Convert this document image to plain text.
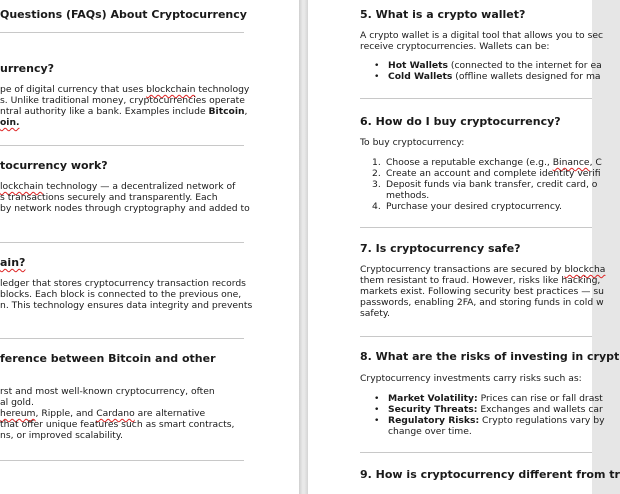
Questions (FAQs) About Cryptocurrency
urrency?
pe of digital currency that uses blockchain technology
s. Unlike traditional money, cryptocurrencies operate
ntral authority like a bank. Examples include Bitcoin,
oin.
tocurrency work?
lockchain technology — a decentralized network of
s transactions securely and transparently. Each
by network nodes through cryptography and added to
ain?
ledger that stores cryptocurrency transaction records
blocks. Each block is connected to the previous one,
n. This technology ensures data integrity and prevents
ference between Bitcoin and other
rst and most well-known cryptocurrency, often
al gold.
hereum, Ripple, and Cardano are alternative
that offer unique features such as smart contracts,
ns, or improved scalability.
5. What is a crypto wallet?
A crypto wallet is a digital tool that allows you to sec
receive cryptocurrencies. Wallets can be:
• Hot Wallets (connected to the internet for ea
• Cold Wallets (offline wallets designed for ma
6. How do I buy cryptocurrency?
To buy cryptocurrency:
1. Choose a reputable exchange (e.g., Binance, C
2. Create an account and complete identity verifi
3. Deposit funds via bank transfer, credit card, o
methods.
4. Purchase your desired cryptocurrency.
7. Is cryptocurrency safe?
Cryptocurrency transactions are secured by blockcha
them resistant to fraud. However, risks like hacking,
markets exist. Following security best practices — su
passwords, enabling 2FA, and storing funds in cold w
safety.
8. What are the risks of investing in crypt
Cryptocurrency investments carry risks such as:
• Market Volatility: Prices can rise or fall drast
• Security Threats: Exchanges and wallets car
• Regulatory Risks: Crypto regulations vary by
change over time.
9. How is cryptocurrency different from tr
